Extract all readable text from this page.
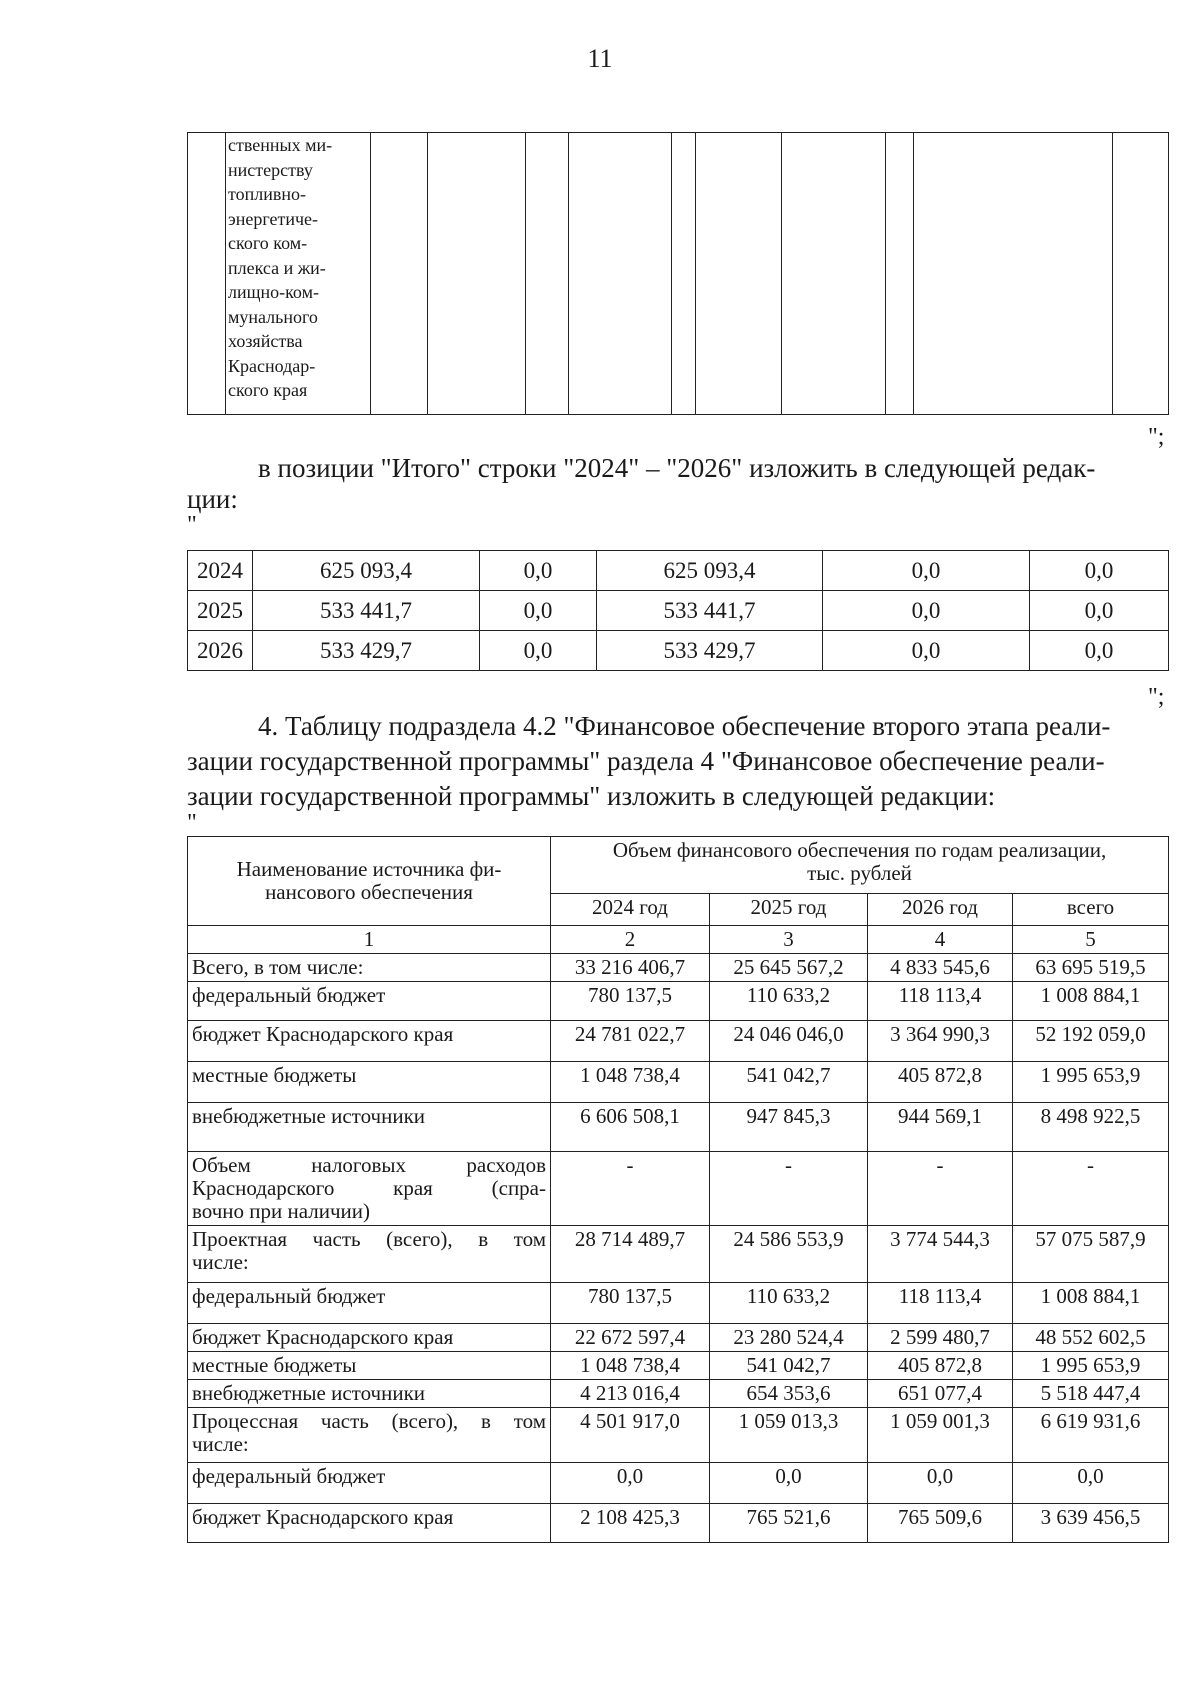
11

ственных ми-
нистерству
топливно-
энергетиче-
ского ком-
плекса и жи-
лищно-ком-
мунального
хозяйства
Краснодар-
ского края

";
в позиции "Итого" строки "2024" – "2026" изложить в следующей редак-
ции:
"
2024	625 093,4	0,0	625 093,4	0,0	0,0
2025	533 441,7	0,0	533 441,7	0,0	0,0
2026	533 429,7	0,0	533 429,7	0,0	0,0
";
4. Таблицу подраздела 4.2 "Финансовое обеспечение второго этапа реали-
зации государственной программы" раздела 4 "Финансовое обеспечение реали-
зации государственной программы" изложить в следующей редакции:
"
Наименование источника фи-нансового обеспечения	Объем финансового обеспечения по годам реализации,
тыс. рублей			

	2024 год	2025 год	2026 год	всего
1	2	3	4	5
Всего, в том числе:	33 216 406,7	25 645 567,2	4 833 545,6	63 695 519,5
федеральный бюджет	780 137,5	110 633,2	118 113,4	1 008 884,1
бюджет Краснодарского края	24 781 022,7	24 046 046,0	3 364 990,3	52 192 059,0
местные бюджеты	1 048 738,4	541 042,7	405 872,8	1 995 653,9
внебюджетные источники	6 606 508,1	947 845,3	944 569,1	8 498 922,5

Объем налоговых расходов
Краснодарского края (спра-
вочно при наличии)	-	-	-	-

Проектная часть (всего), в том
числе:	28 714 489,7	24 586 553,9	3 774 544,3	57 075 587,9
федеральный бюджет	780 137,5	110 633,2	118 113,4	1 008 884,1
бюджет Краснодарского края	22 672 597,4	23 280 524,4	2 599 480,7	48 552 602,5
местные бюджеты	1 048 738,4	541 042,7	405 872,8	1 995 653,9
внебюджетные источники	4 213 016,4	654 353,6	651 077,4	5 518 447,4

Процессная часть (всего), в том
числе:	4 501 917,0	1 059 013,3	1 059 001,3	6 619 931,6
федеральный бюджет	0,0	0,0	0,0	0,0
бюджет Краснодарского края	2 108 425,3	765 521,6	765 509,6	3 639 456,5
